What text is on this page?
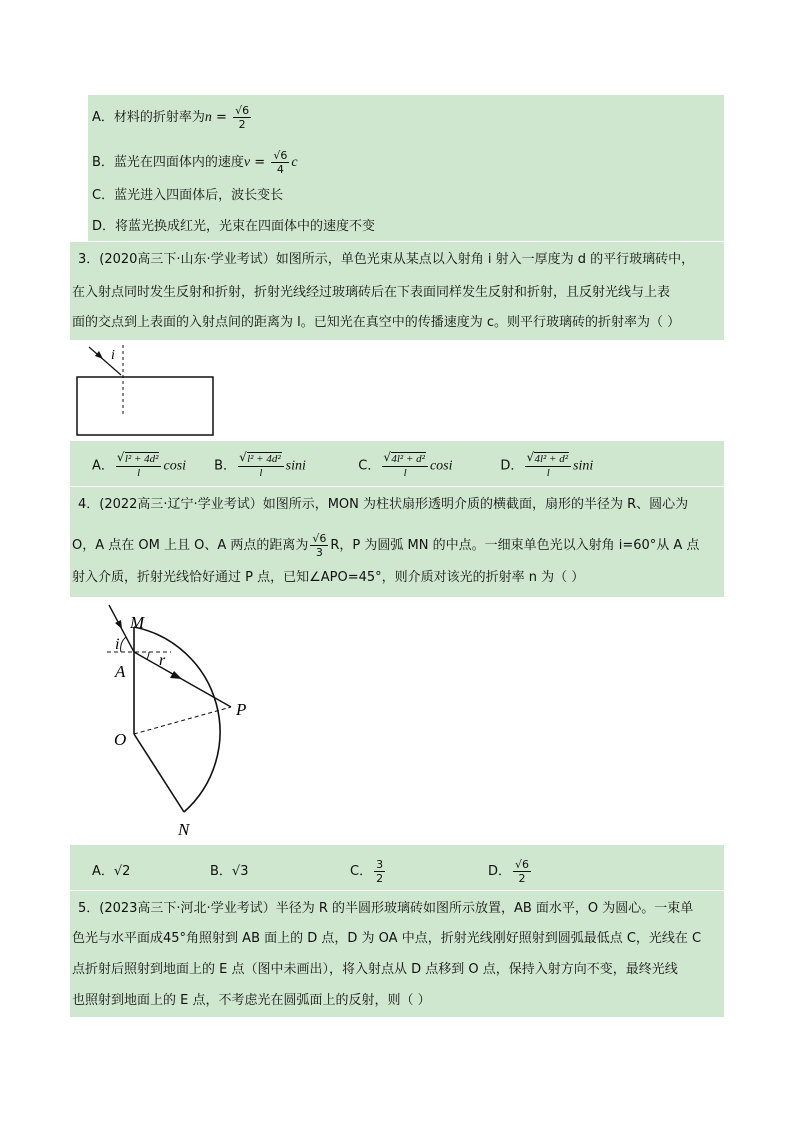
A．材料的折射率为$n = \frac{√6}{2}$
B．蓝光在四面体内的速度$v = \frac{√6}{4}$ c
C．蓝光进入四面体后，波长变长
D．将蓝光换成红光，光束在四面体中的速度不变
3．(2020高三下·山东·学业考试）如图所示，单色光束从某点以入射角 i 射入一厚度为 d 的平行玻璃砖中，
在入射点同时发生反射和折射，折射光线经过玻璃砖后在下表面同样发生反射和折射，且反射光线与上表
面的交点到上表面的入射点间的距离为 l。已知光在真空中的传播速度为 c。则平行玻璃砖的折射率为（ ）
i
A． √ $\frac{\text{l² + 4d²}}{l}$ cosi B． √ $\frac{\text{l² + 4d²}}{l}$ sini	C． √ $\frac{\text{4l² + d²}}{l}$ cosi	D． √ $\frac{\text{4l² + d²}}{l}$ sini
4．(2022高三·辽宁·学业考试）如图所示，MON 为柱状扇形透明介质的横截面，扇形的半径为 R、圆心为
O，A 点在 OM 上且 O、A 两点的距离为 $\frac{√6}{3}$ R，P 为圆弧 MN 的中点。一细束单色光以入射角 i=60°从 A 点
射入介质，折射光线恰好通过 P 点，已知∠APO=45°，则介质对该光的折射率 n 为（ ）
M
i
r
A
P
O
N
A．√2	B．√3	C． $\frac{3}{2}$	D． $\frac{√6}{2}$
5．(2023高三下·河北·学业考试）半径为 R 的半圆形玻璃砖如图所示放置，AB 面水平，O 为圆心。一束单
色光与水平面成45°角照射到 AB 面上的 D 点，D 为 OA 中点，折射光线刚好照射到圆弧最低点 C，光线在 C
点折射后照射到地面上的 E 点（图中未画出），将入射点从 D 点移到 O 点，保持入射方向不变，最终光线
也照射到地面上的 E 点，不考虑光在圆弧面上的反射，则（ ）
